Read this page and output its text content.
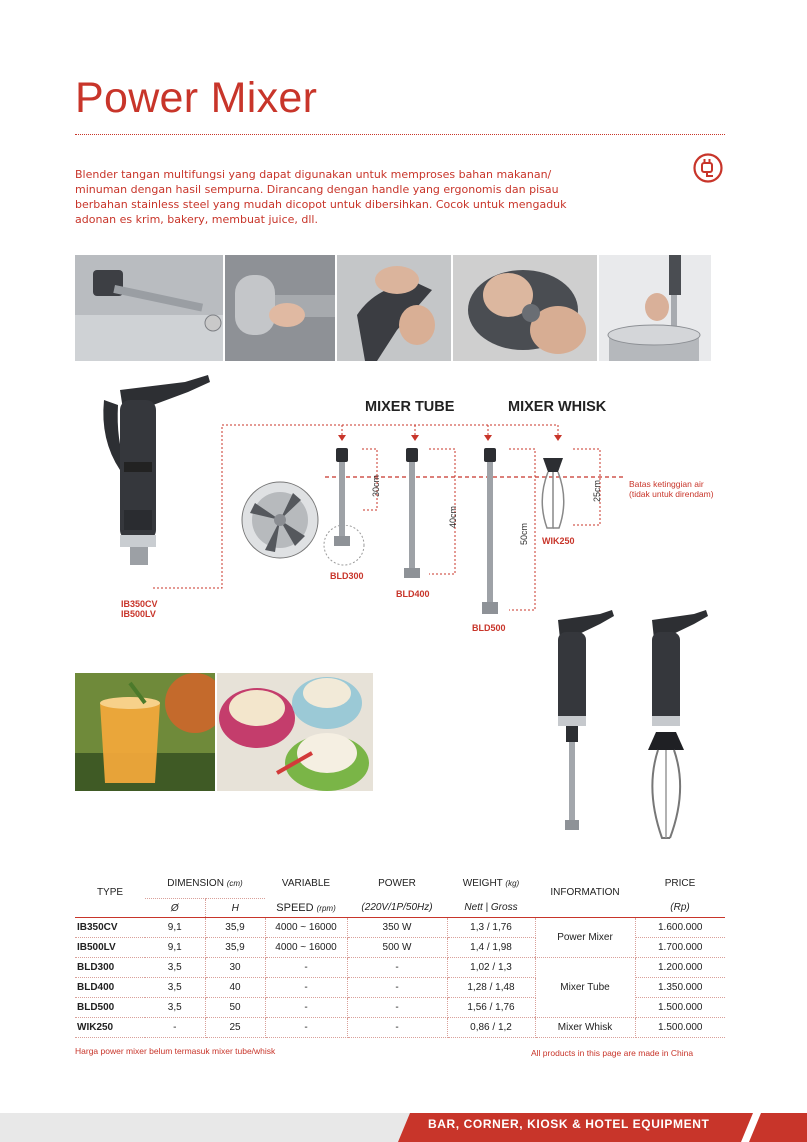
Power Mixer
Blender tangan multifungsi yang dapat digunakan untuk memproses bahan makanan/ minuman dengan hasil sempurna. Dirancang dengan handle yang ergonomis dan pisau berbahan stainless steel yang mudah dicopot untuk dibersihkan. Cocok untuk mengaduk adonan es krim, bakery, membuat juice, dll.
IB350CV
IB500LV
MIXER TUBE	MIXER WHISK
30cm
40cm
50cm
25cm
BLD300
BLD400
BLD500
WIK250
Batas ketinggian air
(tidak untuk direndam)
TYPE	DIMENSION (cm)		VARIABLE	POWER	WEIGHT (kg)	INFORMATION	PRICE
	Ø	H	SPEED (rpm)	(220V/1P/50Hz)	Nett | Gross		(Rp)
IB350CV	9,1	35,9	4000 ~ 16000	350 W	1,3 / 1,76	Power Mixer	1.600.000
IB500LV	9,1	35,9	4000 ~ 16000	500 W	1,4 / 1,98		1.700.000
BLD300	3,5	30	-	-	1,02 / 1,3	Mixer Tube	1.200.000
BLD400	3,5	40	-	-	1,28 / 1,48		1.350.000
BLD500	3,5	50	-	-	1,56 / 1,76		1.500.000
WIK250	-	25	-	-	0,86 / 1,2	Mixer Whisk	1.500.000
Harga power mixer belum termasuk mixer tube/whisk	All products in this page are made in China
BAR, CORNER, KIOSK & HOTEL EQUIPMENT
